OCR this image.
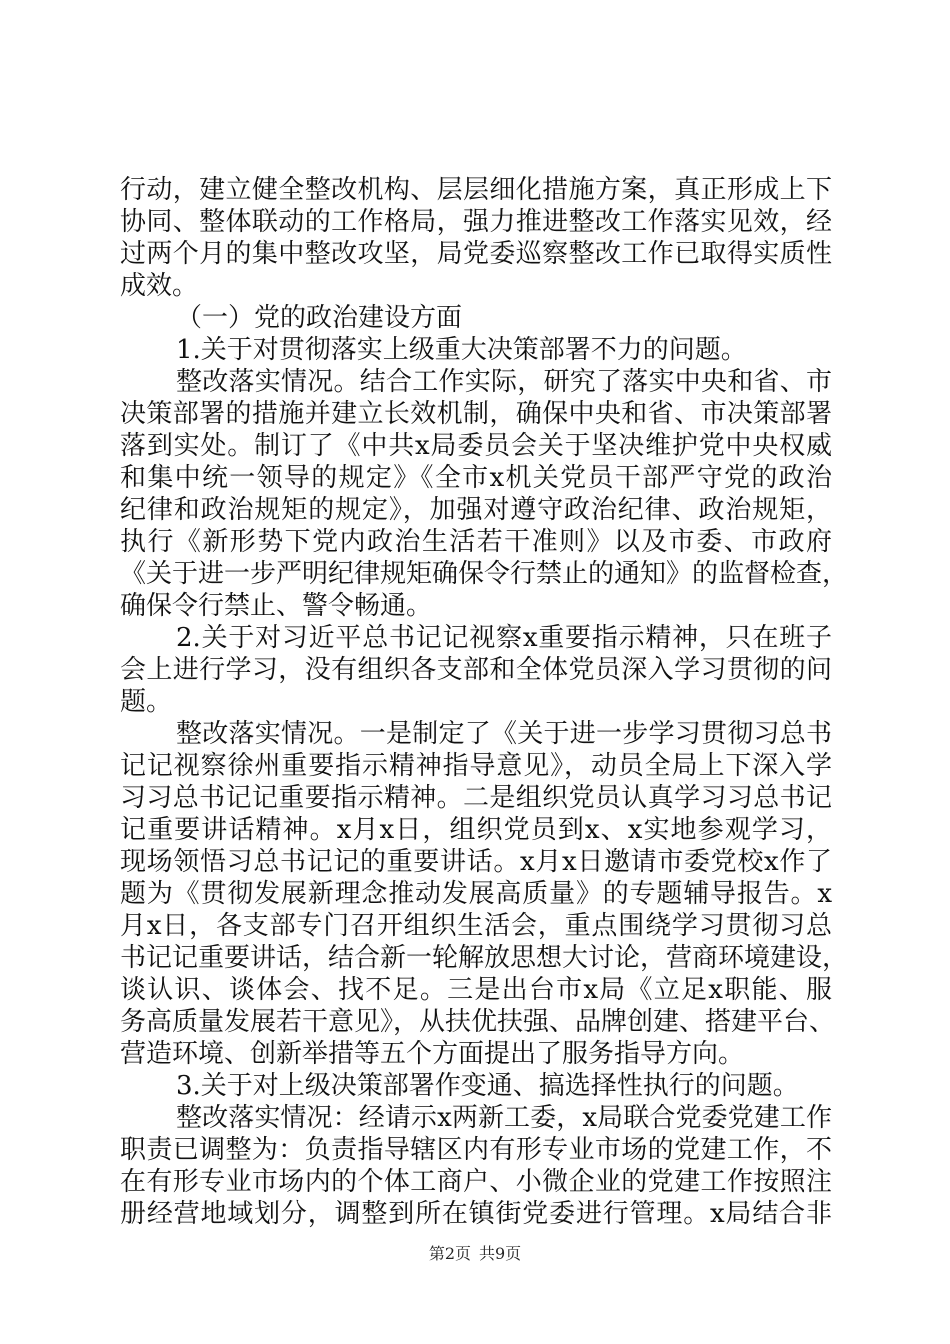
行动，建立健全整改机构、层层细化措施方案，真正形成上下
协同、整体联动的工作格局，强力推进整改工作落实见效，经
过两个月的集中整改攻坚，局党委巡察整改工作已取得实质性
成效。
（一）党的政治建设方面
1.关于对贯彻落实上级重大决策部署不力的问题。
整改落实情况。结合工作实际，研究了落实中央和省、市
决策部署的措施并建立长效机制，确保中央和省、市决策部署
落到实处。制订了《中共x局委员会关于坚决维护党中央权威
和集中统一领导的规定》《全市x机关党员干部严守党的政治
纪律和政治规矩的规定》，加强对遵守政治纪律、政治规矩，
执行《新形势下党内政治生活若干准则》以及市委、市政府
《关于进一步严明纪律规矩确保令行禁止的通知》的监督检查，
确保令行禁止、警令畅通。
2.关于对习近平总书记记视察x重要指示精神，只在班子
会上进行学习，没有组织各支部和全体党员深入学习贯彻的问
题。
整改落实情况。一是制定了《关于进一步学习贯彻习总书
记记视察徐州重要指示精神指导意见》，动员全局上下深入学
习习总书记记重要指示精神。二是组织党员认真学习习总书记
记重要讲话精神。x月x日，组织党员到x、x实地参观学习，
现场领悟习总书记记的重要讲话。x月x日邀请市委党校x作了
题为《贯彻发展新理念推动发展高质量》的专题辅导报告。x
月x日，各支部专门召开组织生活会，重点围绕学习贯彻习总
书记记重要讲话，结合新一轮解放思想大讨论，营商环境建设，
谈认识、谈体会、找不足。三是出台市x局《立足x职能、服
务高质量发展若干意见》，从扶优扶强、品牌创建、搭建平台、
营造环境、创新举措等五个方面提出了服务指导方向。
3.关于对上级决策部署作变通、搞选择性执行的问题。
整改落实情况：经请示x两新工委，x局联合党委党建工作
职责已调整为：负责指导辖区内有形专业市场的党建工作，不
在有形专业市场内的个体工商户、小微企业的党建工作按照注
册经营地域划分，调整到所在镇街党委进行管理。x局结合非
第2页 共9页
